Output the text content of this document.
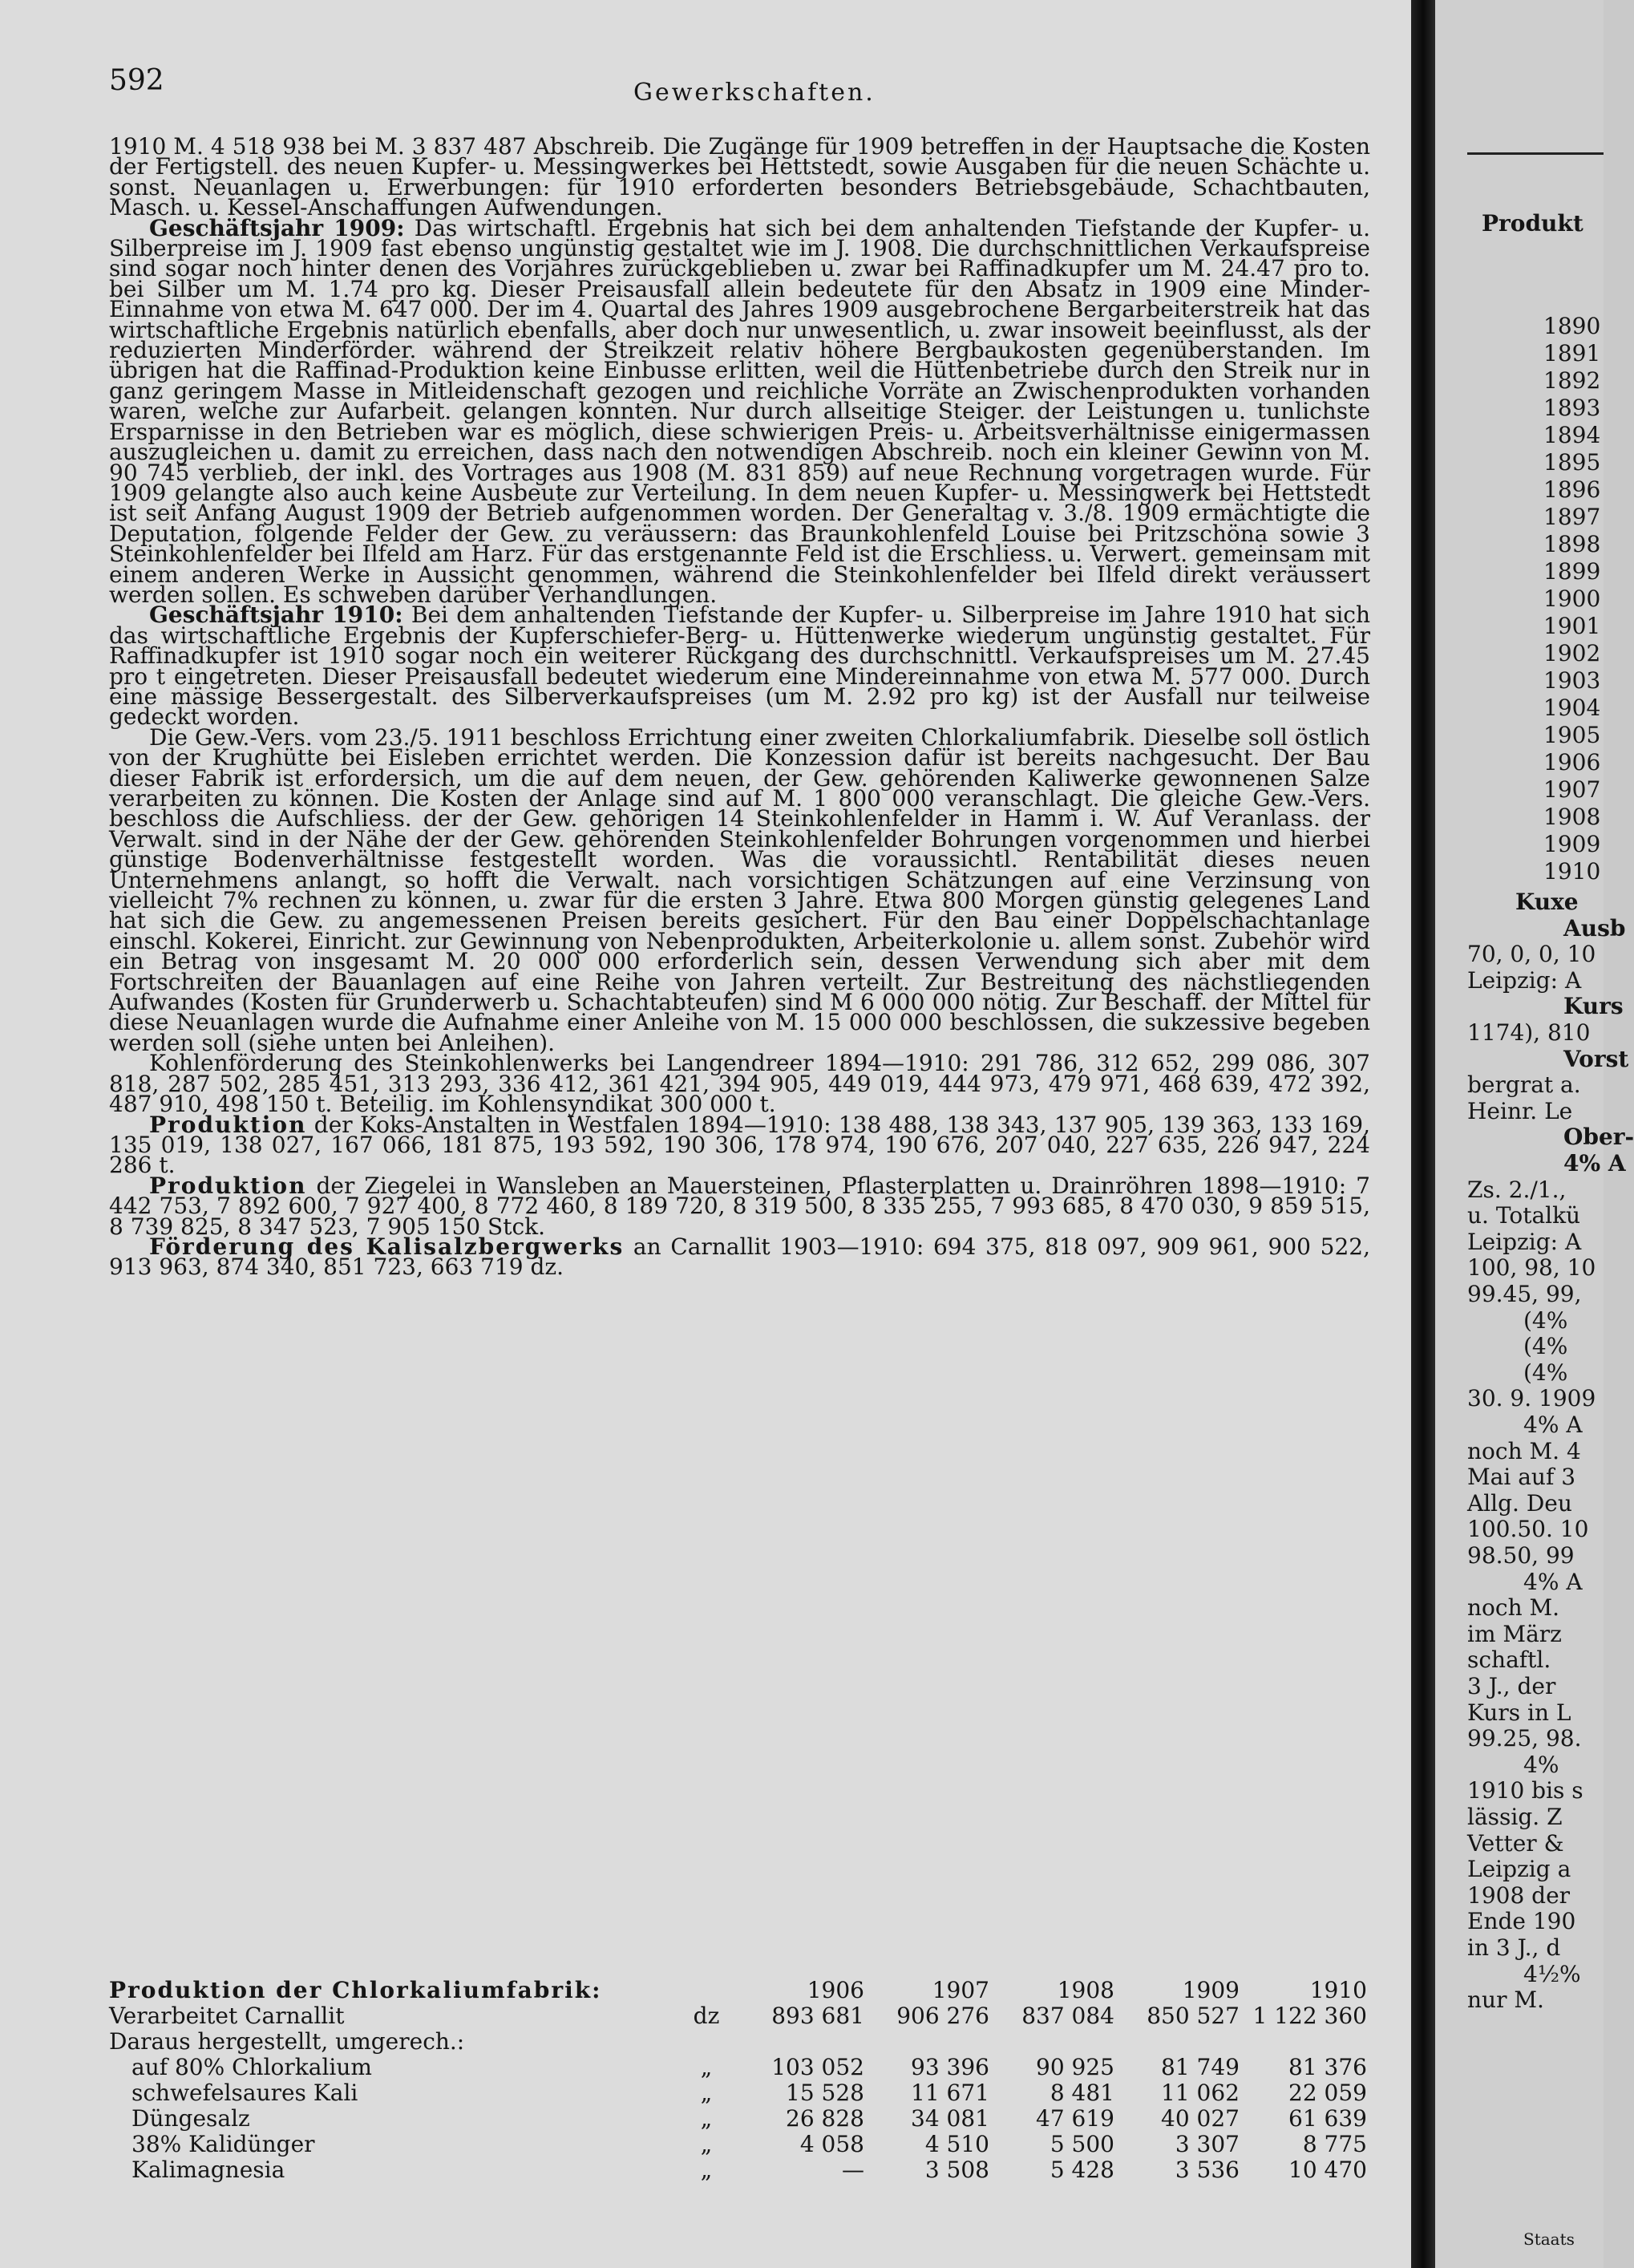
592	Gewerkschaften.

1910 M. 4 518 938 bei M. 3 837 487 Abschreib. Die Zugänge für 1909 betreffen in der Hauptsache die Kosten der Fertigstell. des neuen Kupfer- u. Messingwerkes bei Hettstedt, sowie Ausgaben für die neuen Schächte u. sonst. Neuanlagen u. Erwerbungen: für 1910 erforderten besonders Betriebsgebäude, Schachtbauten, Masch. u. Kessel-Anschaffungen Aufwendungen.

Geschäftsjahr 1909: Das wirtschaftl. Ergebnis hat sich bei dem anhaltenden Tiefstande der Kupfer- u. Silberpreise im J. 1909 fast ebenso ungünstig gestaltet wie im J. 1908. Die durchschnittlichen Verkaufspreise sind sogar noch hinter denen des Vorjahres zurückgeblieben u. zwar bei Raffinadkupfer um M. 24.47 pro to. bei Silber um M. 1.74 pro kg. Dieser Preisausfall allein bedeutete für den Absatz in 1909 eine Minder-Einnahme von etwa M. 647 000. Der im 4. Quartal des Jahres 1909 ausgebrochene Bergarbeiterstreik hat das wirtschaftliche Ergebnis natürlich ebenfalls, aber doch nur unwesentlich, u. zwar insoweit beeinflusst, als der reduzierten Minderförder. während der Streikzeit relativ höhere Bergbaukosten gegenüberstanden. Im übrigen hat die Raffinad-Produktion keine Einbusse erlitten, weil die Hüttenbetriebe durch den Streik nur in ganz geringem Masse in Mitleidenschaft gezogen und reichliche Vorräte an Zwischenprodukten vorhanden waren, welche zur Aufarbeit. gelangen konnten. Nur durch allseitige Steiger. der Leistungen u. tunlichste Ersparnisse in den Betrieben war es möglich, diese schwierigen Preis- u. Arbeitsverhältnisse einigermassen auszugleichen u. damit zu erreichen, dass nach den notwendigen Abschreib. noch ein kleiner Gewinn von M. 90 745 verblieb, der inkl. des Vortrages aus 1908 (M. 831 859) auf neue Rechnung vorgetragen wurde. Für 1909 gelangte also auch keine Ausbeute zur Verteilung. In dem neuen Kupfer- u. Messingwerk bei Hettstedt ist seit Anfang August 1909 der Betrieb aufgenommen worden. Der Generaltag v. 3./8. 1909 ermächtigte die Deputation, folgende Felder der Gew. zu veräussern: das Braunkohlenfeld Louise bei Pritzschöna sowie 3 Steinkohlenfelder bei Ilfeld am Harz. Für das erstgenannte Feld ist die Erschliess. u. Verwert. gemeinsam mit einem anderen Werke in Aussicht genommen, während die Steinkohlenfelder bei Ilfeld direkt veräussert werden sollen. Es schweben darüber Verhandlungen.

Geschäftsjahr 1910: Bei dem anhaltenden Tiefstande der Kupfer- u. Silberpreise im Jahre 1910 hat sich das wirtschaftliche Ergebnis der Kupferschiefer-Berg- u. Hüttenwerke wiederum ungünstig gestaltet. Für Raffinadkupfer ist 1910 sogar noch ein weiterer Rückgang des durchschnittl. Verkaufspreises um M. 27.45 pro t eingetreten. Dieser Preisausfall bedeutet wiederum eine Mindereinnahme von etwa M. 577 000. Durch eine mässige Bessergestalt. des Silberverkaufspreises (um M. 2.92 pro kg) ist der Ausfall nur teilweise gedeckt worden.

Die Gew.-Vers. vom 23./5. 1911 beschloss Errichtung einer zweiten Chlorkaliumfabrik. Dieselbe soll östlich von der Krughütte bei Eisleben errichtet werden. Die Konzession dafür ist bereits nachgesucht. Der Bau dieser Fabrik ist erfordersich, um die auf dem neuen, der Gew. gehörenden Kaliwerke gewonnenen Salze verarbeiten zu können. Die Kosten der Anlage sind auf M. 1 800 000 veranschlagt. Die gleiche Gew.-Vers. beschloss die Aufschliess. der der Gew. gehörigen 14 Steinkohlenfelder in Hamm i. W. Auf Veranlass. der Verwalt. sind in der Nähe der der Gew. gehörenden Steinkohlenfelder Bohrungen vorgenommen und hierbei günstige Bodenverhältnisse festgestellt worden. Was die voraussichtl. Rentabilität dieses neuen Unternehmens anlangt, so hofft die Verwalt. nach vorsichtigen Schätzungen auf eine Verzinsung von vielleicht 7% rechnen zu können, u. zwar für die ersten 3 Jahre. Etwa 800 Morgen günstig gelegenes Land hat sich die Gew. zu angemessenen Preisen bereits gesichert. Für den Bau einer Doppelschachtanlage einschl. Kokerei, Einricht. zur Gewinnung von Nebenprodukten, Arbeiterkolonie u. allem sonst. Zubehör wird ein Betrag von insgesamt M. 20 000 000 erforderlich sein, dessen Verwendung sich aber mit dem Fortschreiten der Bauanlagen auf eine Reihe von Jahren verteilt. Zur Bestreitung des nächstliegenden Aufwandes (Kosten für Grunderwerb u. Schachtabteufen) sind M 6 000 000 nötig. Zur Beschaff. der Mittel für diese Neuanlagen wurde die Aufnahme einer Anleihe von M. 15 000 000 beschlossen, die sukzessive begeben werden soll (siehe unten bei Anleihen).

Kohlenförderung des Steinkohlenwerks bei Langendreer 1894—1910: 291 786, 312 652, 299 086, 307 818, 287 502, 285 451, 313 293, 336 412, 361 421, 394 905, 449 019, 444 973, 479 971, 468 639, 472 392, 487 910, 498 150 t. Beteilig. im Kohlensyndikat 300 000 t.

Produktion der Koks-Anstalten in Westfalen 1894—1910: 138 488, 138 343, 137 905, 139 363, 133 169, 135 019, 138 027, 167 066, 181 875, 193 592, 190 306, 178 974, 190 676, 207 040, 227 635, 226 947, 224 286 t.

Produktion der Ziegelei in Wansleben an Mauersteinen, Pflasterplatten u. Drainröhren 1898—1910: 7 442 753, 7 892 600, 7 927 400, 8 772 460, 8 189 720, 8 319 500, 8 335 255, 7 993 685, 8 470 030, 9 859 515, 8 739 825, 8 347 523, 7 905 150 Stck.

Förderung des Kalisalzbergwerks an Carnallit 1903—1910: 694 375, 818 097, 909 961, 900 522, 913 963, 874 340, 851 723, 663 719 dz.

Produktion der Chlorkaliumfabrik:		1906	1907	1908	1909	1910
Verarbeitet Carnallit	dz	893 681	906 276	837 084	850 527	1 122 360
Daraus hergestellt, umgerech.:						
auf 80% Chlorkalium	„	103 052	93 396	90 925	81 749	81 376
schwefelsaures Kali	„	15 528	11 671	8 481	11 062	22 059
Düngesalz	„	26 828	34 081	47 619	40 027	61 639
38% Kalidünger	„	4 058	4 510	5 500	3 307	8 775
Kalimagnesia	„	—	3 508	5 428	3 536	10 470
Produkt
1890
1891
1892
1893
1894
1895
1896
1897
1898
1899
1900
1901
1902
1903
1904
1905
1906
1907
1908
1909
1910
Kuxe
Ausb
70, 0, 0, 10
Leipzig: A
Kurs
1174), 810
Vorst
bergrat a.
Heinr. Le
Ober-
4% A
Zs. 2./1.,
u. Totalkü
Leipzig: A
100, 98, 10
99.45, 99,
(4%
(4%
(4%
30. 9. 1909
4% A
noch M. 4
Mai auf 3
Allg. Deu
100.50. 10
98.50, 99
4% A
noch M.
im März
schaftl.
3 J., der
Kurs in L
99.25, 98.
4%
1910 bis s
lässig. Z
Vetter &
Leipzig a
1908 der
Ende 190
in 3 J., d
4½%
nur M.
Staats
